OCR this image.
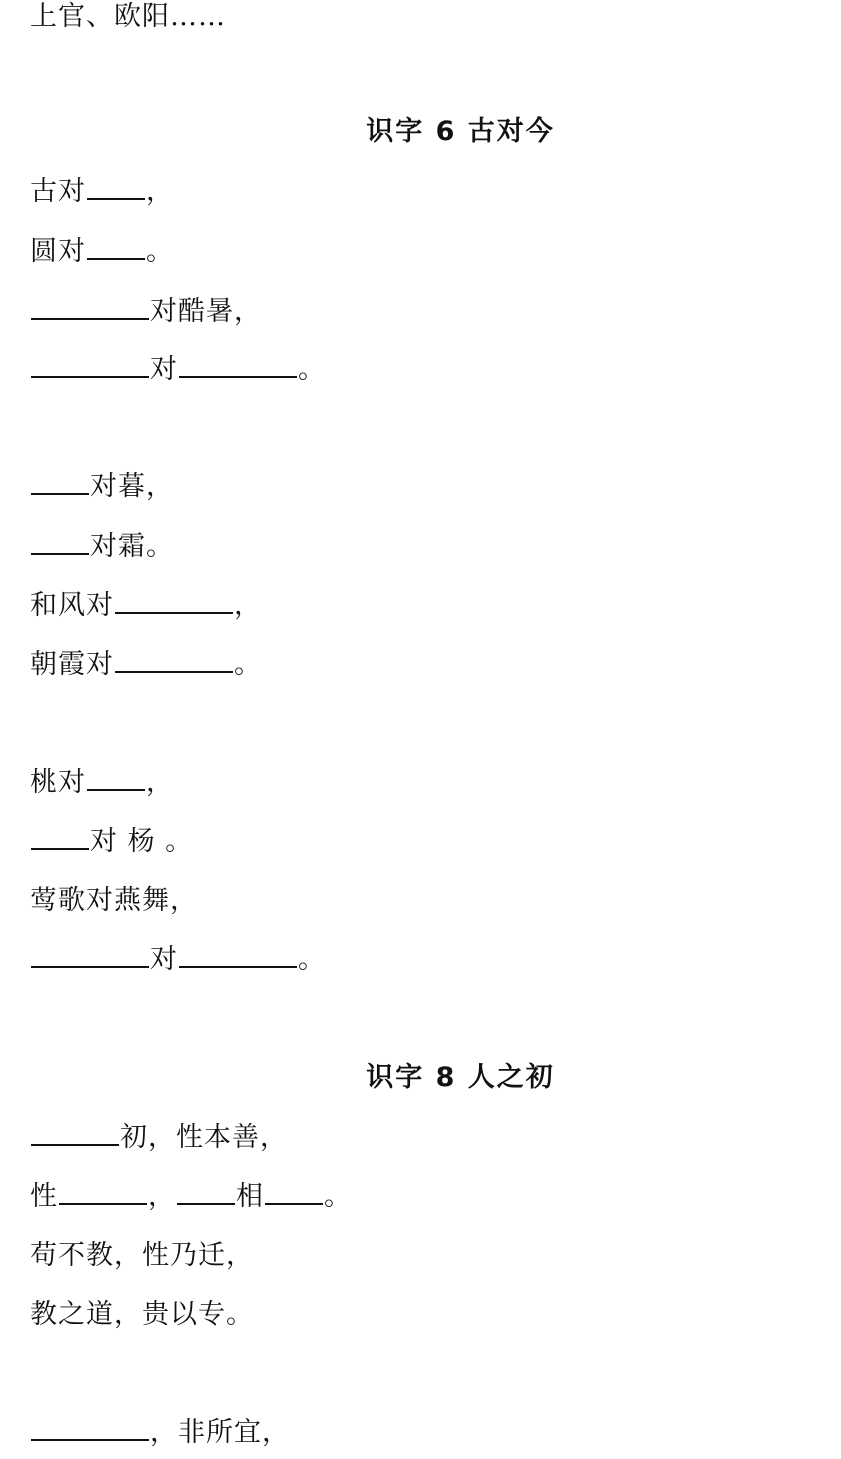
上官、欧阳……
识字 6 古对今
古对 ，
圆对 。
对酷暑，
对	。
对暮，
对霜。
和风对	，
朝霞对	。
桃对 ，
对 杨 。
莺歌对燕舞，
对	。
识字 8 人之初
初，性本善，
性	， 相 。
苟不教，性乃迁，
教之道，贵以专。
，非所宜，
